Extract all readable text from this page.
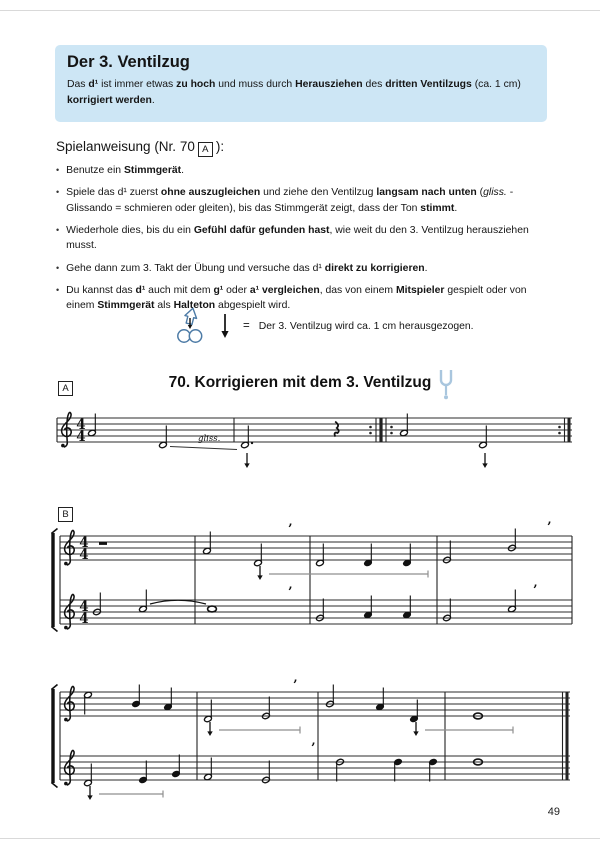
Der 3. Ventilzug
Das d¹ ist immer etwas zu hoch und muss durch Herausziehen des dritten Ventilzugs (ca. 1 cm) korrigiert werden.
Spielanweisung (Nr. 70 A ):
• Benutze ein Stimmgerät.
• Spiele das d¹ zuerst ohne auszugleichen und ziehe den Ventilzug langsam nach unten (gliss. - Glissando = schmieren oder gleiten), bis das Stimmgerät zeigt, dass der Ton stimmt.
• Wiederhole dies, bis du ein Gefühl dafür gefunden hast, wie weit du den 3. Ventilzug herausziehen musst.
• Gehe dann zum 3. Takt der Übung und versuche das d¹ direkt zu korrigieren.
• Du kannst das d¹ auch mit dem g¹ oder a¹ vergleichen, das von einem Mitspieler gespielt oder von einem Stimmgerät als Halteton abgespielt wird.
= Der 3. Ventilzug wird ca. 1 cm herausgezogen.
A	70. Korrigieren mit dem 3. Ventilzug
B
4
4	gliss.
4
4
’	’
4
4
’	’
’
’
49
